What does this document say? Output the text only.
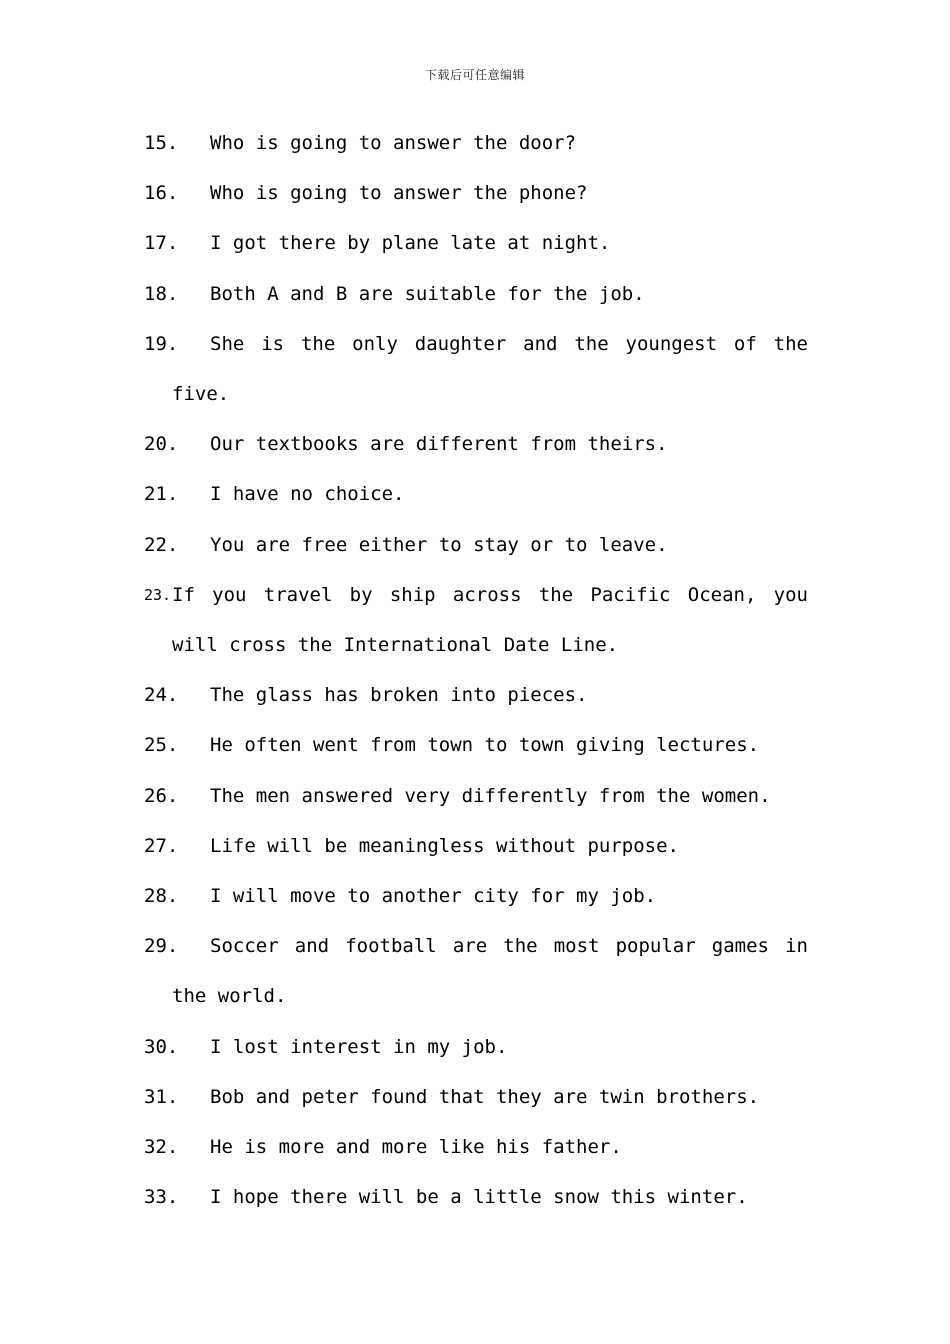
下载后可任意编辑
15.	Who is going to answer the door?
16.	Who is going to answer the phone?
17.	I got there by plane late at night.
18.	Both A and B are suitable for the job.
19.	She is the only daughter and the youngest of the
five.
20.	Our textbooks are different from theirs.
21.	I have no choice.
22.	You are free either to stay or to leave.
23. If you travel by ship across the Pacific Ocean, you
will cross the International Date Line.
24.	The glass has broken into pieces.
25.	He often went from town to town giving lectures.
26.	The men answered very differently from the women.
27.	Life will be meaningless without purpose.
28.	I will move to another city for my job.
29.	Soccer and football are the most popular games in
the world.
30.	I lost interest in my job.
31.	Bob and peter found that they are twin brothers.
32.	He is more and more like his father.
33.	I hope there will be a little snow this winter.
